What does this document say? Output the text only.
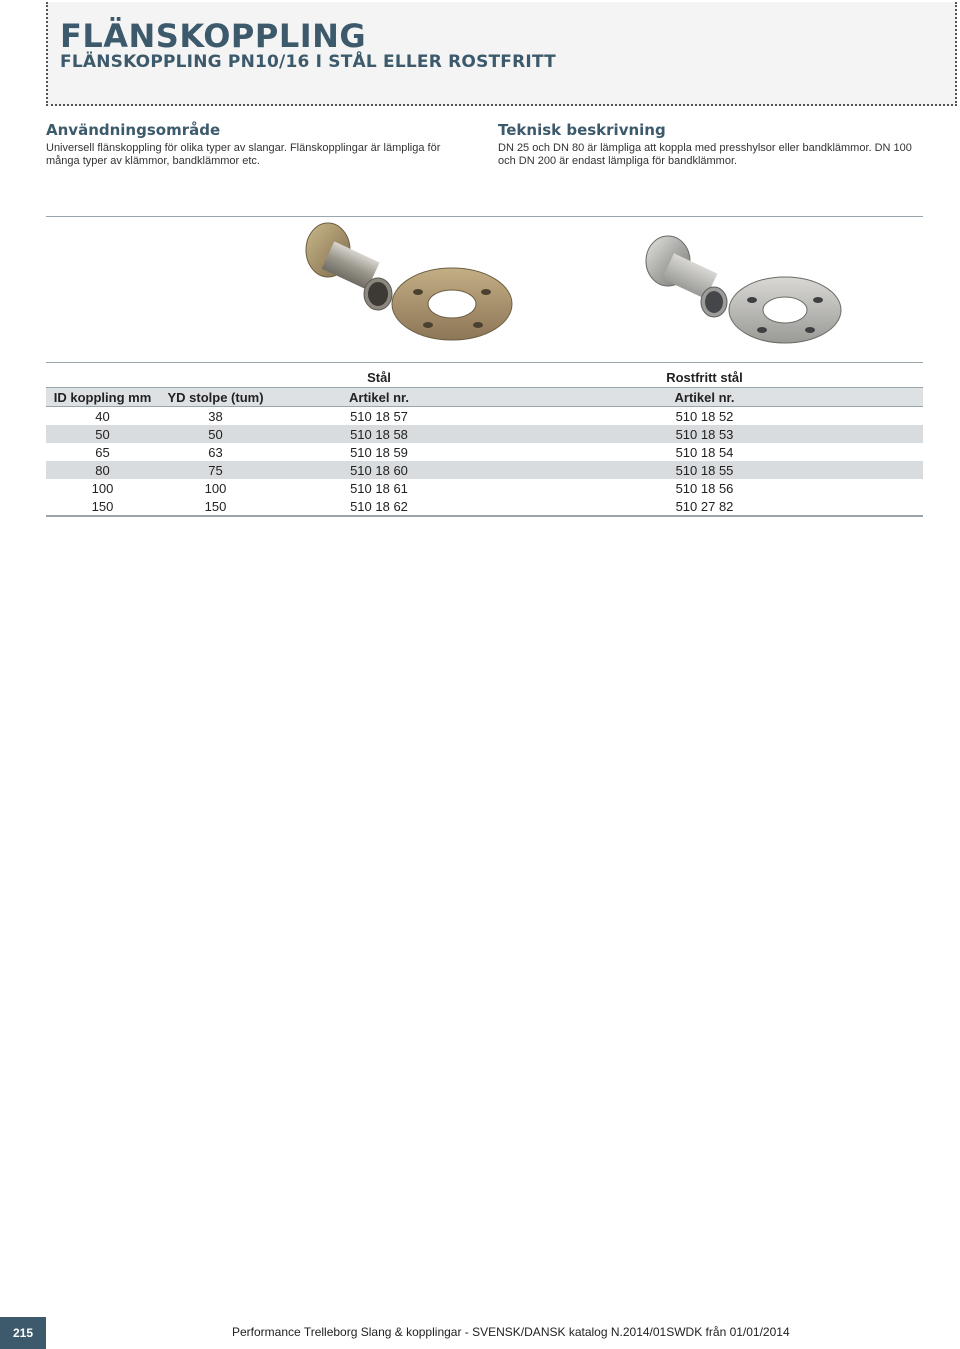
FLÄNSKOPPLING
FLÄNSKOPPLING PN10/16 I STÅL ELLER ROSTFRITT
Användningsområde

Universell flänskoppling för olika typer av slangar. Flänskopplingar är lämpliga för många typer av klämmor, bandklämmor etc.

Teknisk beskrivning

DN 25 och DN 80 är lämpliga att koppla med presshylsor eller bandklämmor. DN 100 och DN 200 är endast lämpliga för bandklämmor.

		Stål	Rostfritt stål
ID koppling mm	YD stolpe (tum)	Artikel nr.	Artikel nr.
40	38	510 18 57	510 18 52
50	50	510 18 58	510 18 53
65	63	510 18 59	510 18 54
80	75	510 18 60	510 18 55
100	100	510 18 61	510 18 56
150	150	510 18 62	510 27 82
215	Performance Trelleborg Slang & kopplingar - SVENSK/DANSK katalog N.2014/01SWDK från 01/01/2014
